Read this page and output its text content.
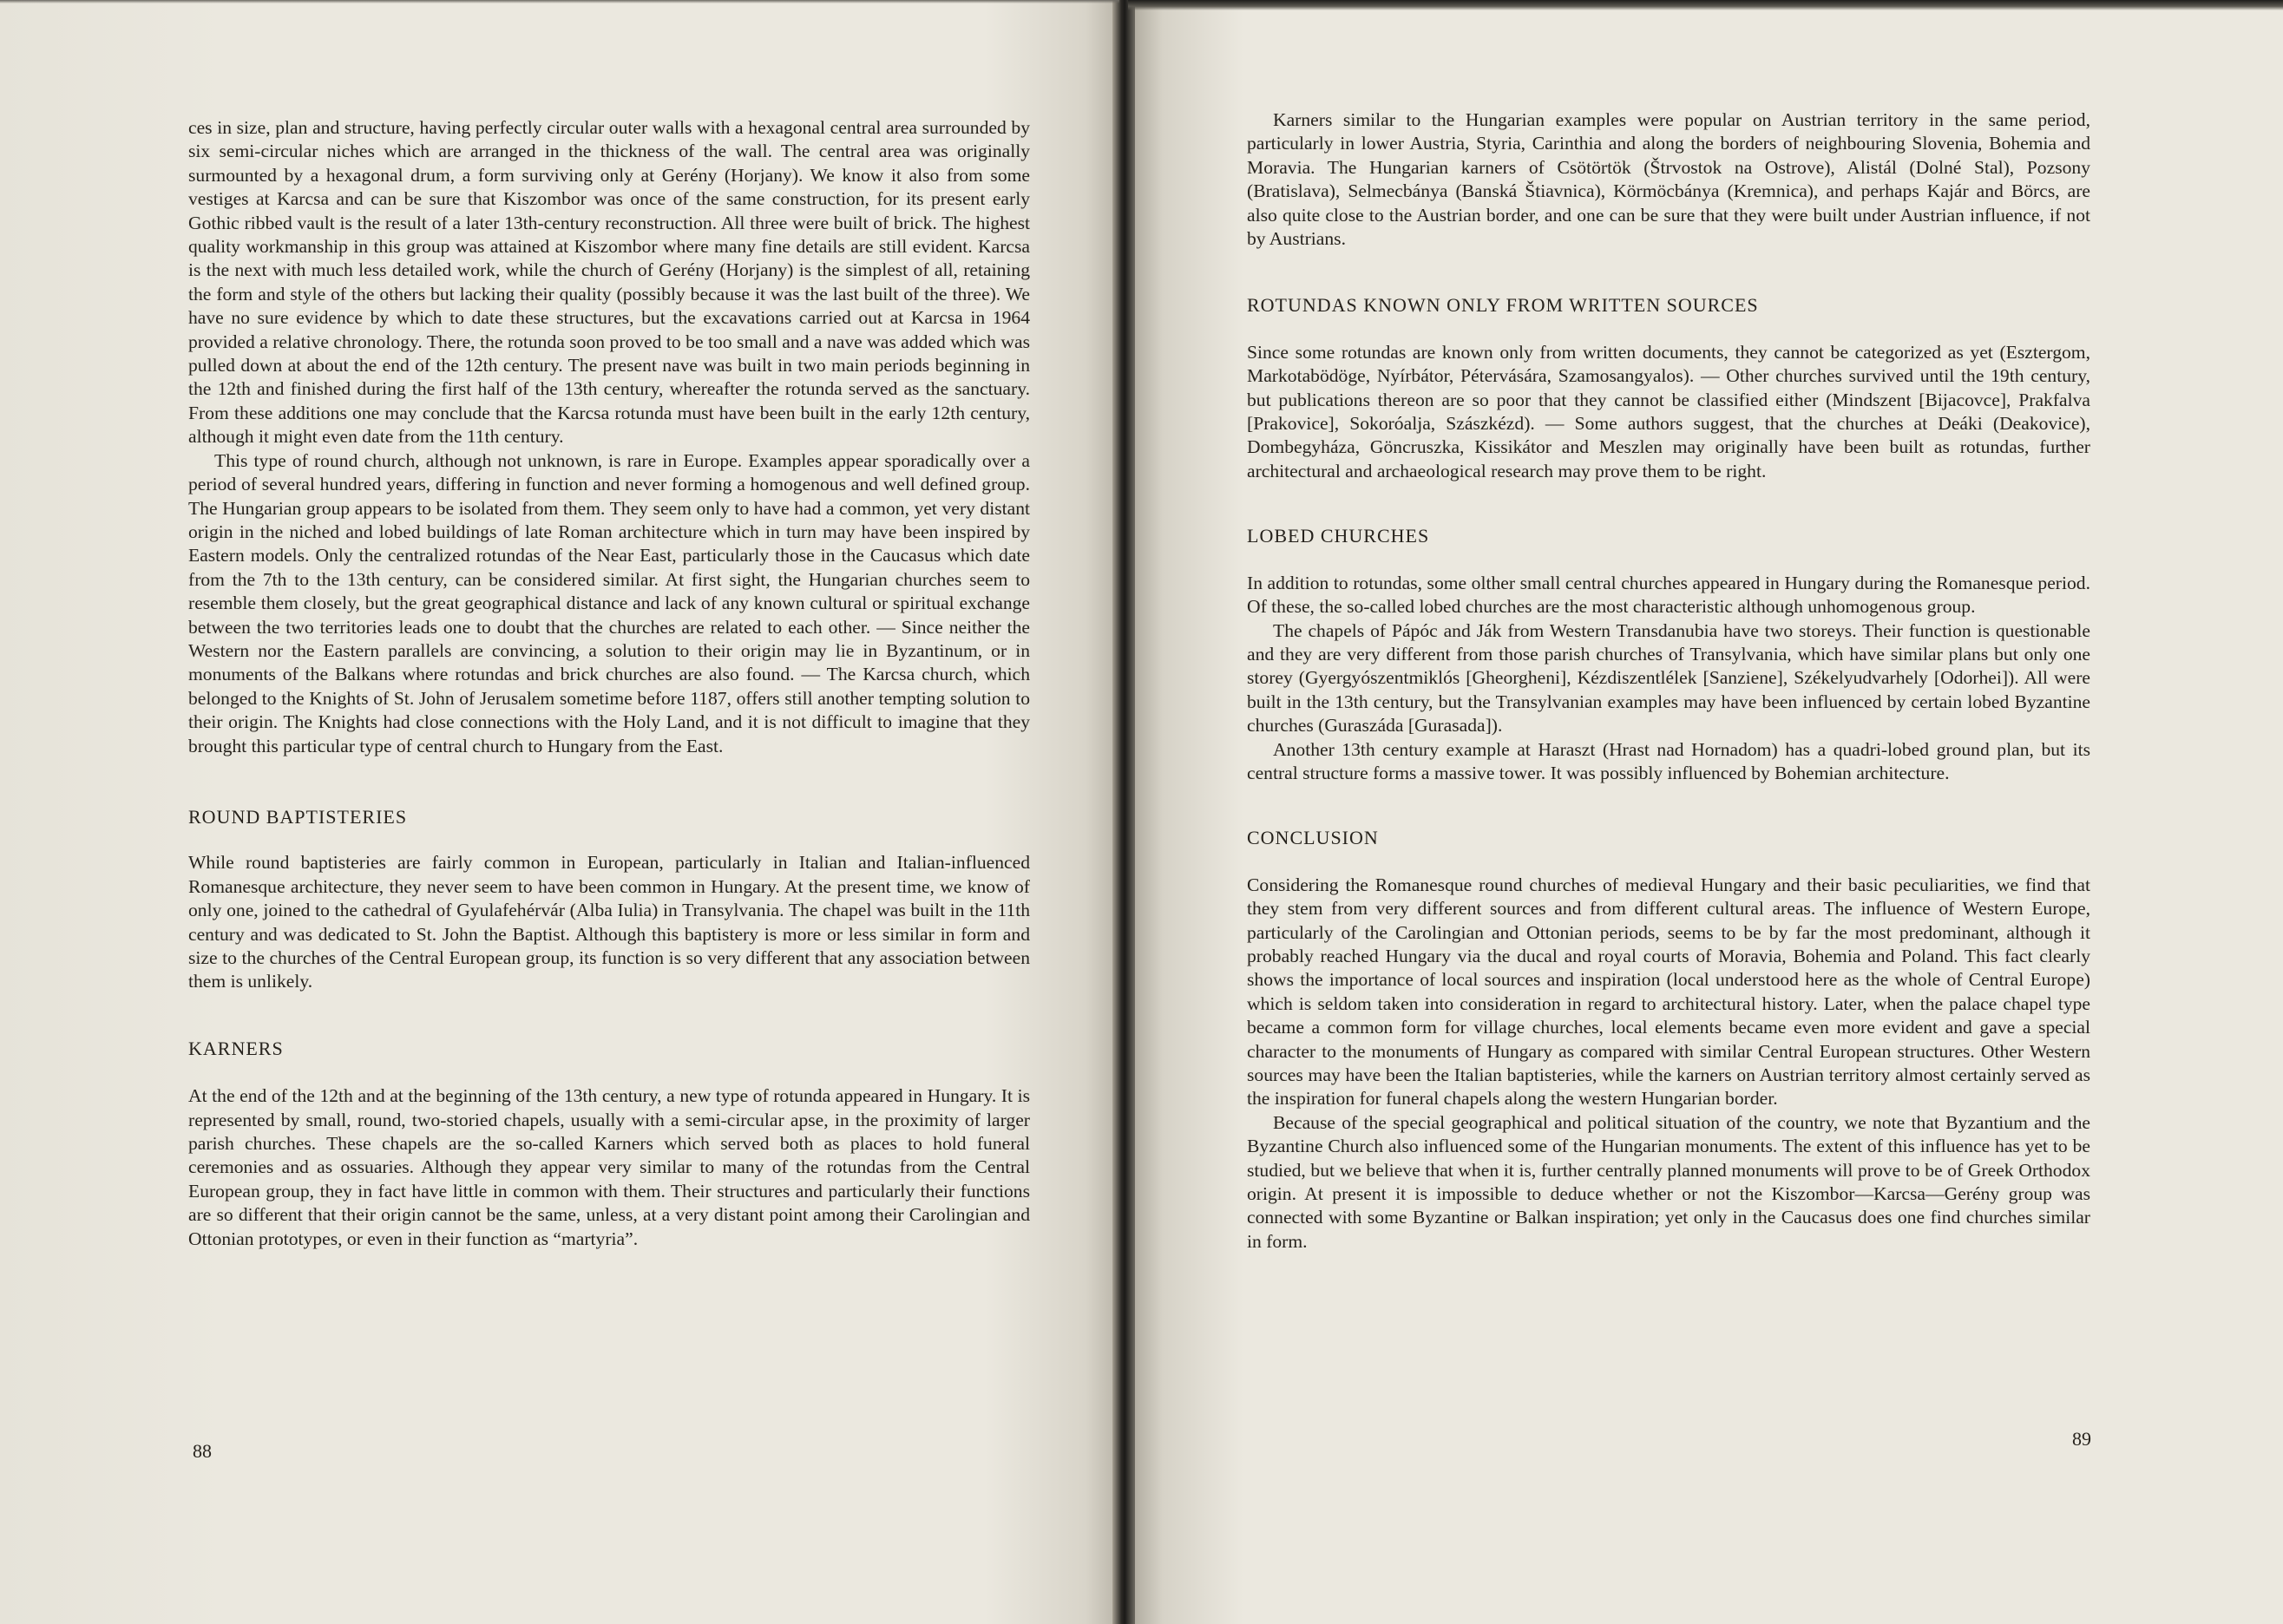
ces in size, plan and structure, having perfectly circular outer walls with a hexagonal central area surrounded by six semi-circular niches which are arranged in the thickness of the wall. The central area was originally surmounted by a hexagonal drum, a form surviving only at Gerény (Horjany). We know it also from some vestiges at Karcsa and can be sure that Kiszombor was once of the same construction, for its present early Gothic ribbed vault is the result of a later 13th-century reconstruction. All three were built of brick. The highest quality workmanship in this group was attained at Kiszombor where many fine details are still evident. Karcsa is the next with much less detailed work, while the church of Gerény (Horjany) is the simplest of all, retaining the form and style of the others but lacking their quality (possibly because it was the last built of the three). We have no sure evidence by which to date these structures, but the excavations carried out at Karcsa in 1964 provided a relative chronology. There, the rotunda soon proved to be too small and a nave was added which was pulled down at about the end of the 12th century. The present nave was built in two main periods beginning in the 12th and finished during the first half of the 13th century, whereafter the rotunda served as the sanctuary. From these additions one may conclude that the Karcsa rotunda must have been built in the early 12th century, although it might even date from the 11th century.

This type of round church, although not unknown, is rare in Europe. Examples appear sporadically over a period of several hundred years, differing in function and never forming a homogenous and well defined group. The Hungarian group appears to be isolated from them. They seem only to have had a common, yet very distant origin in the niched and lobed buildings of late Roman architecture which in turn may have been inspired by Eastern models. Only the centralized rotundas of the Near East, particularly those in the Caucasus which date from the 7th to the 13th century, can be considered similar. At first sight, the Hungarian churches seem to resemble them closely, but the great geographical distance and lack of any known cultural or spiritual exchange between the two territories leads one to doubt that the churches are related to each other. — Since neither the Western nor the Eastern parallels are convincing, a solution to their origin may lie in Byzantinum, or in monuments of the Balkans where rotundas and brick churches are also found. — The Karcsa church, which belonged to the Knights of St. John of Jerusalem sometime before 1187, offers still another tempting solution to their origin. The Knights had close connections with the Holy Land, and it is not difficult to imagine that they brought this particular type of central church to Hungary from the East.

ROUND BAPTISTERIES

While round baptisteries are fairly common in European, particularly in Italian and Italian-influenced Romanesque architecture, they never seem to have been common in Hungary. At the present time, we know of only one, joined to the cathedral of Gyulafehérvár (Alba Iulia) in Transylvania. The chapel was built in the 11th century and was dedicated to St. John the Baptist. Although this baptistery is more or less similar in form and size to the churches of the Central European group, its function is so very different that any association between them is unlikely.

KARNERS

At the end of the 12th and at the beginning of the 13th century, a new type of rotunda appeared in Hungary. It is represented by small, round, two-storied chapels, usually with a semi-circular apse, in the proximity of larger parish churches. These chapels are the so-called Karners which served both as places to hold funeral ceremonies and as ossuaries. Although they appear very similar to many of the rotundas from the Central European group, they in fact have little in common with them. Their structures and particularly their functions are so different that their origin cannot be the same, unless, at a very distant point among their Carolingian and Ottonian prototypes, or even in their function as “martyria”.

88

Karners similar to the Hungarian examples were popular on Austrian territory in the same period, particularly in lower Austria, Styria, Carinthia and along the borders of neighbouring Slovenia, Bohemia and Moravia. The Hungarian karners of Csötörtök (Štrvostok na Ostrove), Alistál (Dolné Stal), Pozsony (Bratislava), Selmecbánya (Banská Štiavnica), Körmöcbánya (Kremnica), and perhaps Kajár and Börcs, are also quite close to the Austrian border, and one can be sure that they were built under Austrian influence, if not by Austrians.

ROTUNDAS KNOWN ONLY FROM WRITTEN SOURCES

Since some rotundas are known only from written documents, they cannot be categorized as yet (Esztergom, Markotabödöge, Nyírbátor, Pétervására, Szamosangyalos). — Other churches survived until the 19th century, but publications thereon are so poor that they cannot be classified either (Mindszent [Bijacovce], Prakfalva [Prakovice], Sokoróalja, Szászkézd). — Some authors suggest, that the churches at Deáki (Deakovice), Dombegyháza, Göncruszka, Kissikátor and Meszlen may originally have been built as rotundas, further architectural and archaeological research may prove them to be right.

LOBED CHURCHES

In addition to rotundas, some olther small central churches appeared in Hungary during the Romanesque period. Of these, the so-called lobed churches are the most characteristic although unhomogenous group.

The chapels of Pápóc and Ják from Western Transdanubia have two storeys. Their function is questionable and they are very different from those parish churches of Transylvania, which have similar plans but only one storey (Gyergyószentmiklós [Gheorgheni], Kézdiszentlélek [Sanziene], Székelyudvarhely [Odorhei]). All were built in the 13th century, but the Transylvanian examples may have been influenced by certain lobed Byzantine churches (Guraszáda [Gurasada]).

Another 13th century example at Haraszt (Hrast nad Hornadom) has a quadri-lobed ground plan, but its central structure forms a massive tower. It was possibly influenced by Bohemian architecture.

CONCLUSION

Considering the Romanesque round churches of medieval Hungary and their basic peculiarities, we find that they stem from very different sources and from different cultural areas. The influence of Western Europe, particularly of the Carolingian and Ottonian periods, seems to be by far the most predominant, although it probably reached Hungary via the ducal and royal courts of Moravia, Bohemia and Poland. This fact clearly shows the importance of local sources and inspiration (local understood here as the whole of Central Europe) which is seldom taken into consideration in regard to architectural history. Later, when the palace chapel type became a common form for village churches, local elements became even more evident and gave a special character to the monuments of Hungary as compared with similar Central European structures. Other Western sources may have been the Italian baptisteries, while the karners on Austrian territory almost certainly served as the inspiration for funeral chapels along the western Hungarian border.

Because of the special geographical and political situation of the country, we note that Byzantium and the Byzantine Church also influenced some of the Hungarian monuments. The extent of this influence has yet to be studied, but we believe that when it is, further centrally planned monuments will prove to be of Greek Orthodox origin. At present it is impossible to deduce whether or not the Kiszombor—Karcsa—Gerény group was connected with some Byzantine or Balkan inspiration; yet only in the Caucasus does one find churches similar in form.

89
